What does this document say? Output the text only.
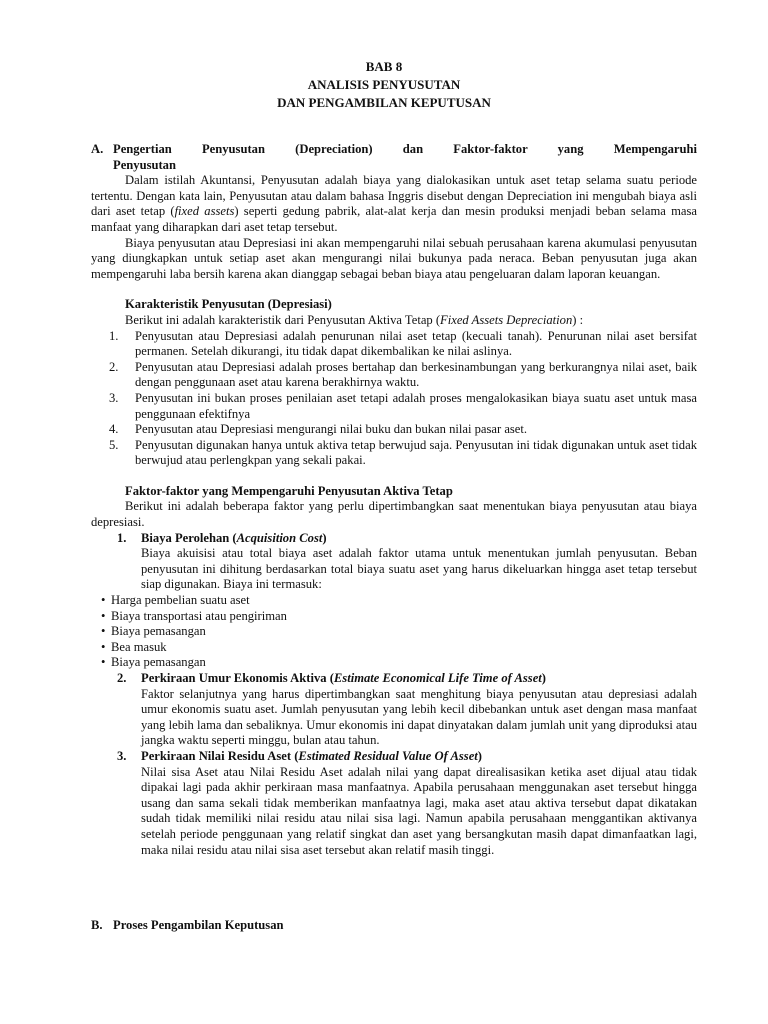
BAB 8
ANALISIS PENYUSUTAN
DAN PENGAMBILAN KEPUTUSAN
A. Pengertian Penyusutan (Depreciation) dan Faktor-faktor yang Mempengaruhi
Penyusutan

Dalam istilah Akuntansi, Penyusutan adalah biaya yang dialokasikan untuk aset tetap selama suatu periode tertentu. Dengan kata lain, Penyusutan atau dalam bahasa Inggris disebut dengan Depreciation ini mengubah biaya asli dari aset tetap (fixed assets) seperti gedung pabrik, alat-alat kerja dan mesin produksi menjadi beban selama masa manfaat yang diharapkan dari aset tetap tersebut.

Biaya penyusutan atau Depresiasi ini akan mempengaruhi nilai sebuah perusahaan karena akumulasi penyusutan yang diungkapkan untuk setiap aset akan mengurangi nilai bukunya pada neraca. Beban penyusutan juga akan mempengaruhi laba bersih karena akan dianggap sebagai beban biaya atau pengeluaran dalam laporan keuangan.

Karakteristik Penyusutan (Depresiasi)

Berikut ini adalah karakteristik dari Penyusutan Aktiva Tetap (Fixed Assets Depreciation) :

1.	Penyusutan atau Depresiasi adalah penurunan nilai aset tetap (kecuali tanah). Penurunan nilai aset bersifat permanen. Setelah dikurangi, itu tidak dapat dikembalikan ke nilai aslinya.
2.	Penyusutan atau Depresiasi adalah proses bertahap dan berkesinambungan yang berkurangnya nilai aset, baik dengan penggunaan aset atau karena berakhirnya waktu.
3.	Penyusutan ini bukan proses penilaian aset tetapi adalah proses mengalokasikan biaya suatu aset untuk masa penggunaan efektifnya
4.	Penyusutan atau Depresiasi mengurangi nilai buku dan bukan nilai pasar aset.
5.	Penyusutan digunakan hanya untuk aktiva tetap berwujud saja. Penyusutan ini tidak digunakan untuk aset tidak berwujud atau perlengkpan yang sekali pakai.
Faktor-faktor yang Mempengaruhi Penyusutan Aktiva Tetap

Berikut ini adalah beberapa faktor yang perlu dipertimbangkan saat menentukan biaya penyusutan atau biaya depresiasi.

1.	Biaya Perolehan (Acquisition Cost)
Biaya akuisisi atau total biaya aset adalah faktor utama untuk menentukan jumlah penyusutan. Beban penyusutan ini dihitung berdasarkan total biaya suatu aset yang harus dikeluarkan hingga aset tetap tersebut siap digunakan. Biaya ini termasuk:
• Harga pembelian suatu aset
• Biaya transportasi atau pengiriman
• Biaya pemasangan
• Bea masuk
• Biaya pemasangan
2.	Perkiraan Umur Ekonomis Aktiva (Estimate Economical Life Time of Asset)
Faktor selanjutnya yang harus dipertimbangkan saat menghitung biaya penyusutan atau depresiasi adalah umur ekonomis suatu aset. Jumlah penyusutan yang lebih kecil dibebankan untuk aset dengan masa manfaat yang lebih lama dan sebaliknya. Umur ekonomis ini dapat dinyatakan dalam jumlah unit yang diproduksi atau jangka waktu seperti minggu, bulan atau tahun.
3.	Perkiraan Nilai Residu Aset (Estimated Residual Value Of Asset)
Nilai sisa Aset atau Nilai Residu Aset adalah nilai yang dapat direalisasikan ketika aset dijual atau tidak dipakai lagi pada akhir perkiraan masa manfaatnya. Apabila perusahaan menggunakan aset tersebut hingga usang dan sama sekali tidak memberikan manfaatnya lagi, maka aset atau aktiva tersebut dapat dikatakan sudah tidak memiliki nilai residu atau nilai sisa lagi. Namun apabila perusahaan menggantikan aktivanya setelah periode penggunaan yang relatif singkat dan aset yang bersangkutan masih dapat dimanfaatkan lagi, maka nilai residu atau nilai sisa aset tersebut akan relatif masih tinggi.
B. Proses Pengambilan Keputusan
